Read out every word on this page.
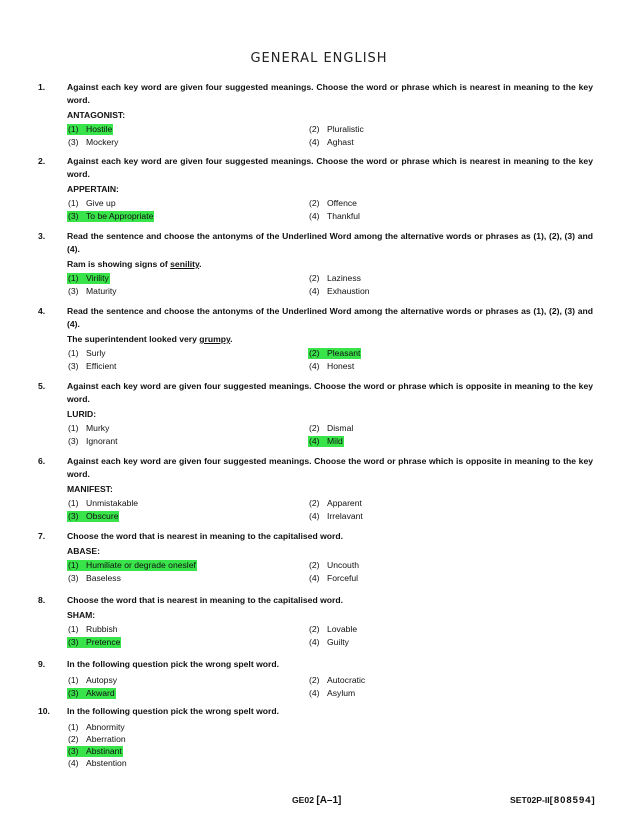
GENERAL ENGLISH
1.	Against each key word are given four suggested meanings. Choose the word or phrase which is nearest in meaning to the key word.
ANTAGONIST:
(1) Hostile	(2) Pluralistic
(3) Mockery	(4) Aghast
2.	Against each key word are given four suggested meanings. Choose the word or phrase which is nearest in meaning to the key word.
APPERTAIN:
(1) Give up	(2) Offence
(3) To be Appropriate	(4) Thankful
3.	Read the sentence and choose the antonyms of the Underlined Word among the alternative words or phrases as (1), (2), (3) and (4).
Ram is showing signs of senility.
(1) Virility	(2) Laziness
(3) Maturity	(4) Exhaustion
4.	Read the sentence and choose the antonyms of the Underlined Word among the alternative words or phrases as (1), (2), (3) and (4).
The superintendent looked very grumpy.
(1) Surly	(2) Pleasant
(3) Efficient	(4) Honest
5.	Against each key word are given four suggested meanings. Choose the word or phrase which is opposite in meaning to the key word.
LURID:
(1) Murky	(2) Dismal
(3) Ignorant	(4) Mild
6.	Against each key word are given four suggested meanings. Choose the word or phrase which is opposite in meaning to the key word.
MANIFEST:
(1) Unmistakable	(2) Apparent
(3) Obscure	(4) Irrelavant
7.	Choose the word that is nearest in meaning to the capitalised word.
ABASE:
(1) Humiliate or degrade oneslef	(2) Uncouth
(3) Baseless	(4) Forceful
8.	Choose the word that is nearest in meaning to the capitalised word.
SHAM:
(1) Rubbish	(2) Lovable
(3) Pretence	(4) Guilty
9.	In the following question pick the wrong spelt word.
(1) Autopsy	(2) Autocratic
(3) Akward	(4) Asylum
10. In the following question pick the wrong spelt word.
(1) Abnormity
(2) Aberration
(3) Abstinant
(4) Abstention
GE02 [A–1]	SET02P-II[808594]
